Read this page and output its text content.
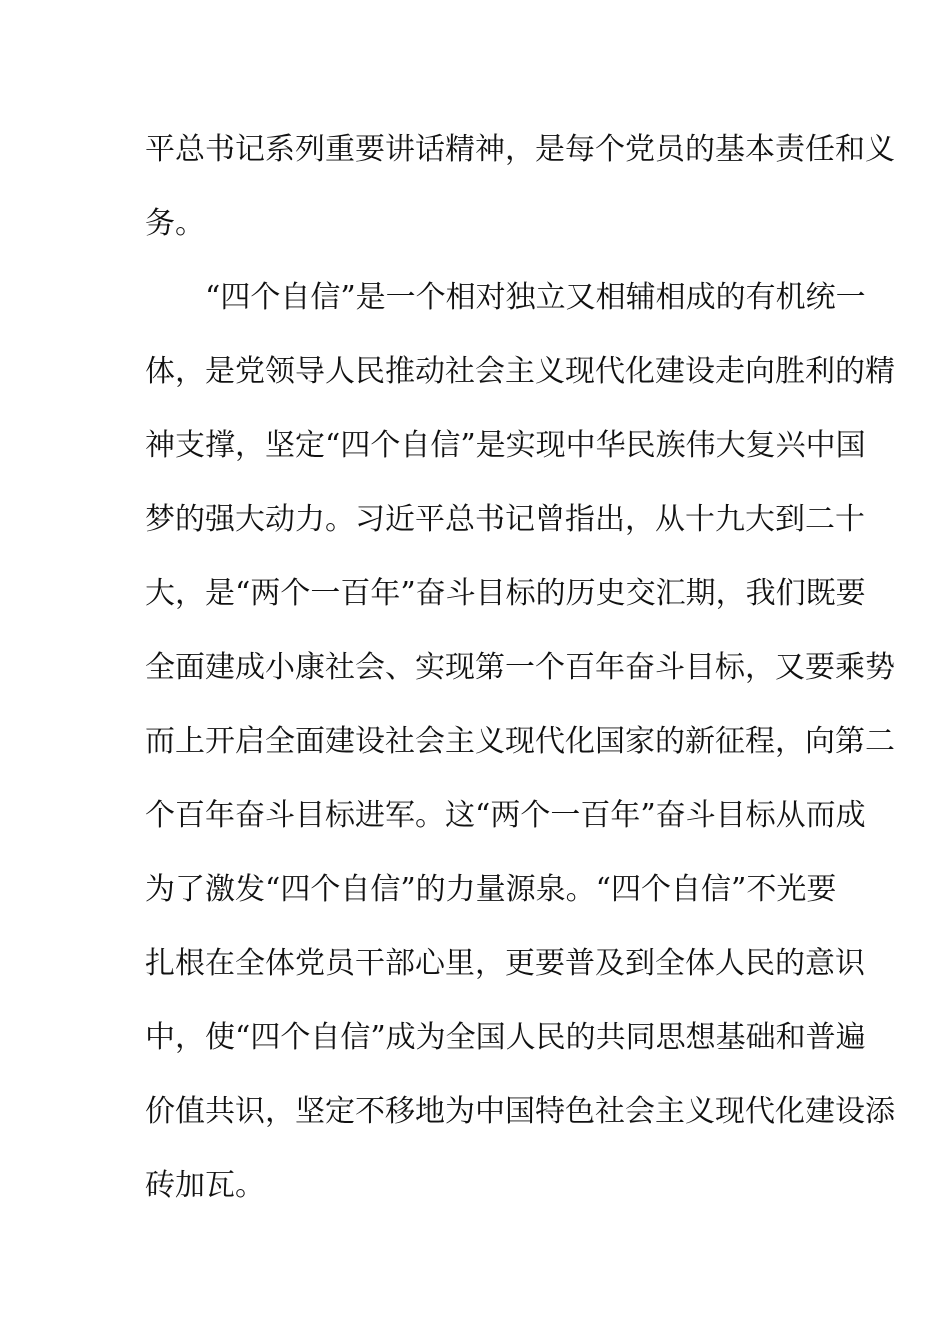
平总书记系列重要讲话精神，是每个党员的基本责任和义
务。
“四个自信”是一个相对独立又相辅相成的有机统一
体，是党领导人民推动社会主义现代化建设走向胜利的精
神支撑，坚定“四个自信”是实现中华民族伟大复兴中国
梦的强大动力。习近平总书记曾指出，从十九大到二十
大，是“两个一百年”奋斗目标的历史交汇期，我们既要
全面建成小康社会、实现第一个百年奋斗目标，又要乘势
而上开启全面建设社会主义现代化国家的新征程，向第二
个百年奋斗目标进军。这“两个一百年”奋斗目标从而成
为了激发“四个自信”的力量源泉。“四个自信”不光要
扎根在全体党员干部心里，更要普及到全体人民的意识
中，使“四个自信”成为全国人民的共同思想基础和普遍
价值共识，坚定不移地为中国特色社会主义现代化建设添
砖加瓦。
